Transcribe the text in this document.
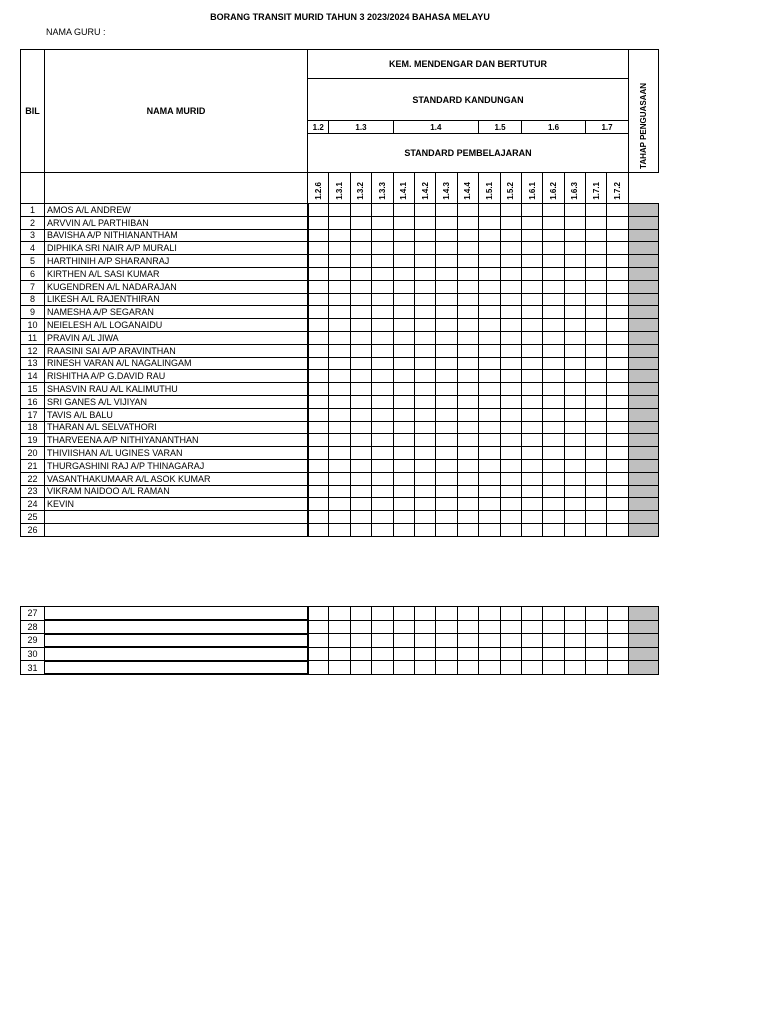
BORANG TRANSIT MURID TAHUN 3 2023/2024 BAHASA MELAYU
NAMA GURU :
BIL	NAMA MURID	KEM. MENDENGAR DAN BERTUTUR															TAHAP PENGUASAAN

		STANDARD KANDUNGAN															
		1.2	1.3			1.4				1.5		1.6			1.7		
		STANDARD PEMBELAJARAN															

		1.2.6	1.3.1	1.3.2	1.3.3	1.4.1	1.4.2	1.4.3	1.4.4	1.5.1	1.5.2	1.6.1	1.6.2	1.6.3	1.7.1	1.7.2	

1	AMOS A/L ANDREW																
2	ARVVIN A/L PARTHIBAN																
3	BAVISHA A/P NITHIANANTHAM																
4	DIPHIKA SRI NAIR A/P MURALI																
5	HARTHINIH A/P SHARANRAJ																
6	KIRTHEN A/L SASI KUMAR																
7	KUGENDREN A/L NADARAJAN																
8	LIKESH A/L RAJENTHIRAN																
9	NAMESHA A/P SEGARAN																
10	NEIELESH A/L LOGANAIDU																
11	PRAVIN A/L JIWA																
12	RAASINI SAI A/P ARAVINTHAN																
13	RINESH VARAN A/L NAGALINGAM																
14	RISHITHA A/P G.DAVID RAU																
15	SHASVIN RAU A/L KALIMUTHU																
16	SRI GANES A/L VIJIYAN																
17	TAVIS A/L BALU																
18	THARAN A/L SELVATHORI																
19	THARVEENA A/P NITHIYANANTHAN																
20	THIVIISHAN A/L UGINES VARAN																
21	THURGASHINI RAJ A/P THINAGARAJ																
22	VASANTHAKUMAAR A/L ASOK KUMAR																
23	VIKRAM NAIDOO A/L RAMAN																
24	KEVIN																
25																	
26																	
27																	
28																	
29																	
30																	
31																	
